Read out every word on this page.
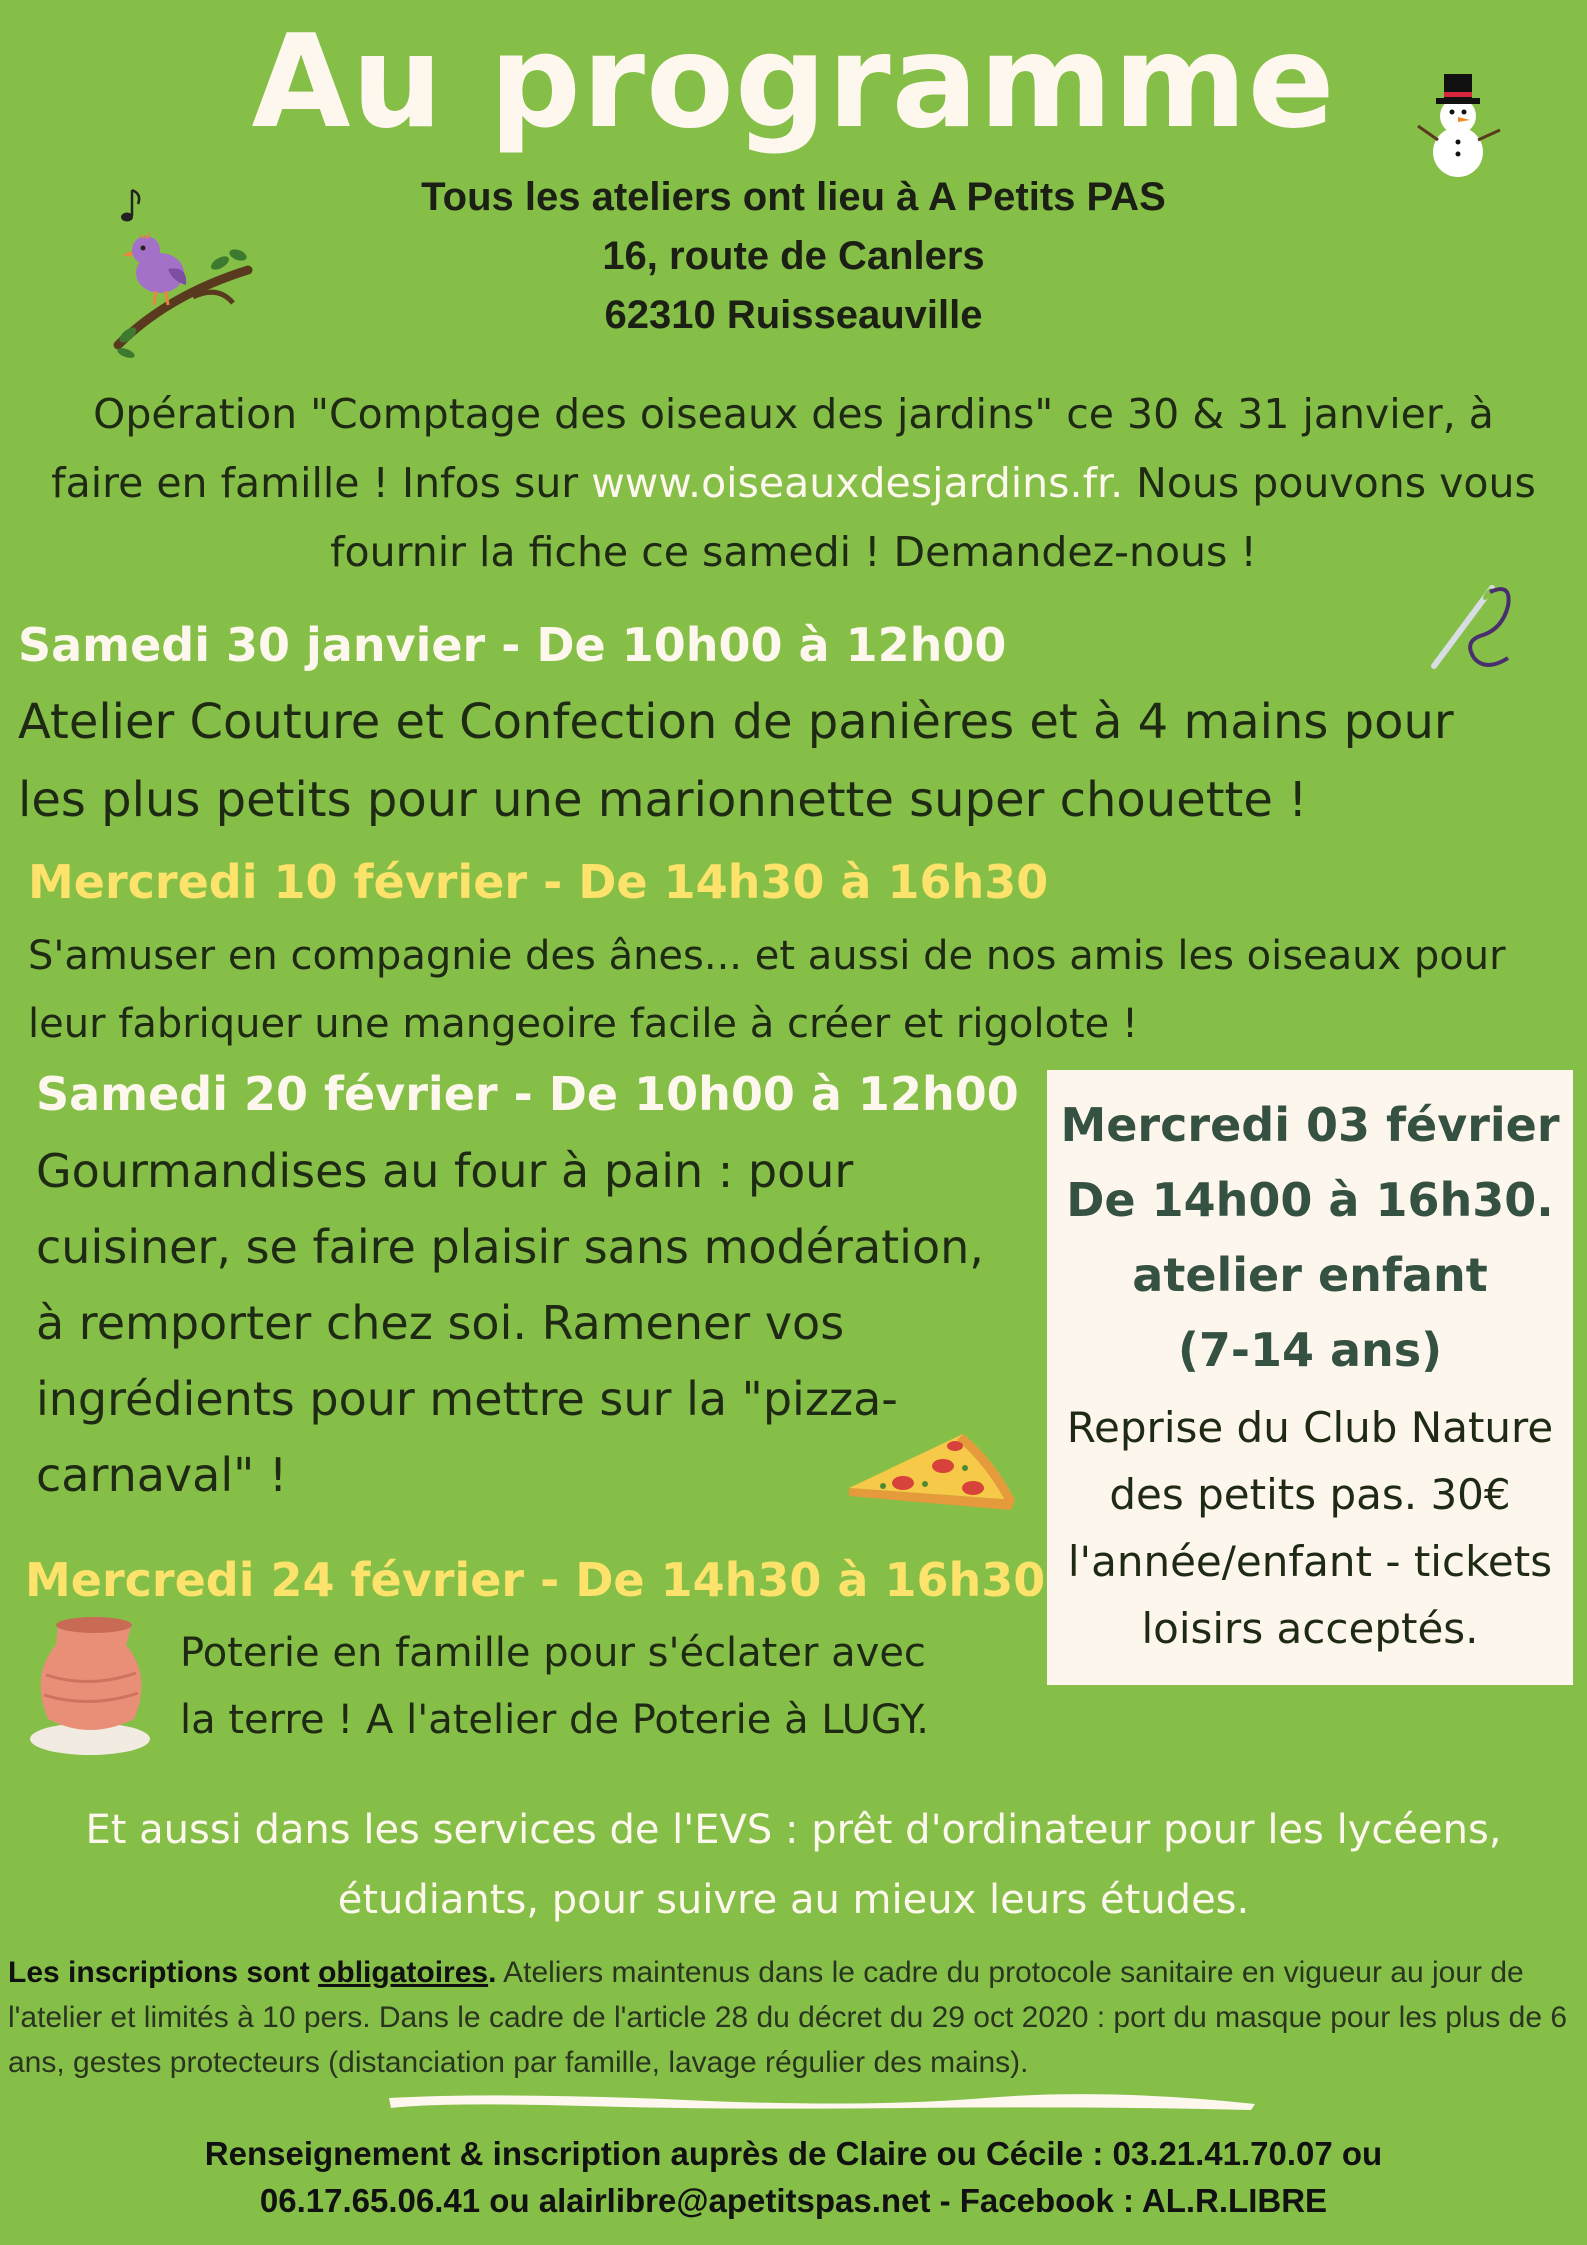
Au programme
Tous les ateliers ont lieu à A Petits PAS
16, route de Canlers
62310 Ruisseauville
Opération "Comptage des oiseaux des jardins" ce 30 & 31 janvier, à
faire en famille ! Infos sur www.oiseauxdesjardins.fr. Nous pouvons vous
fournir la fiche ce samedi ! Demandez-nous !
Samedi 30 janvier - De 10h00 à 12h00
Atelier Couture et Confection de panières et à 4 mains pour
les plus petits pour une marionnette super chouette !
Mercredi 10 février - De 14h30 à 16h30
S'amuser en compagnie des ânes... et aussi de nos amis les oiseaux pour
leur fabriquer une mangeoire facile à créer et rigolote !
Samedi 20 février - De 10h00 à 12h00
Gourmandises au four à pain : pour
cuisiner, se faire plaisir sans modération,
à remporter chez soi. Ramener vos
ingrédients pour mettre sur la "pizza-
carnaval" !
Mercredi 24 février - De 14h30 à 16h30
Poterie en famille pour s'éclater avec
la terre ! A l'atelier de Poterie à LUGY.
Mercredi 03 février
De 14h00 à 16h30.
atelier enfant
(7-14 ans)
Reprise du Club Nature
des petits pas. 30€
l'année/enfant - tickets
loisirs acceptés.
Et aussi dans les services de l'EVS : prêt d'ordinateur pour les lycéens,
étudiants, pour suivre au mieux leurs études.
Les inscriptions sont obligatoires. Ateliers maintenus dans le cadre du protocole sanitaire en vigueur au jour de l'atelier et limités à 10 pers. Dans le cadre de l'article 28 du décret du 29 oct 2020 : port du masque pour les plus de 6 ans, gestes protecteurs (distanciation par famille, lavage régulier des mains).
Renseignement & inscription auprès de Claire ou Cécile : 03.21.41.70.07 ou
06.17.65.06.41 ou alairlibre@apetitspas.net - Facebook : AL.R.LIBRE
